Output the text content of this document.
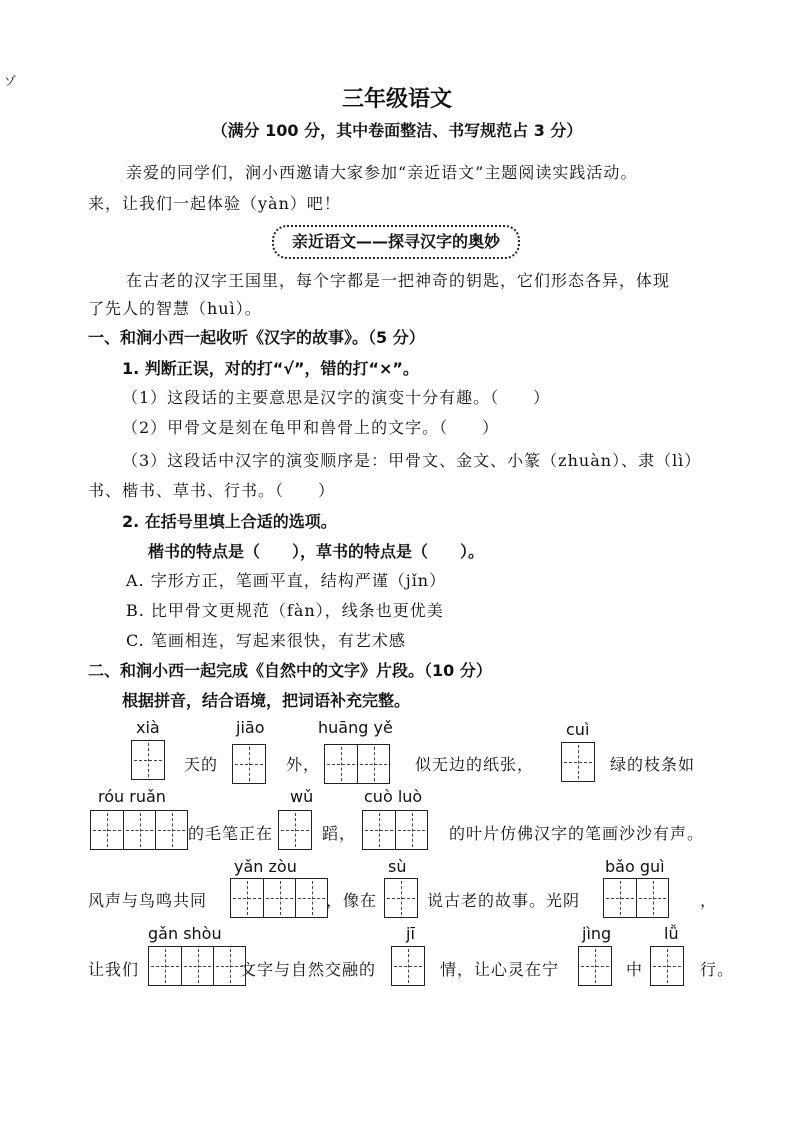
ゾ
三年级语文
（满分 100 分，其中卷面整洁、书写规范占 3 分）
亲爱的同学们，涧小西邀请大家参加“亲近语文”主题阅读实践活动。
来，让我们一起体验（yàn）吧！
亲近语文——探寻汉字的奥妙
在古老的汉字王国里，每个字都是一把神奇的钥匙，它们形态各异，体现
了先人的智慧（huì）。
一、和涧小西一起收听《汉字的故事》。（5 分）
1. 判断正误，对的打“√”，错的打“×”。
（1）这段话的主要意思是汉字的演变十分有趣。（　　）
（2）甲骨文是刻在龟甲和兽骨上的文字。（　　）
（3）这段话中汉字的演变顺序是：甲骨文、金文、小篆（zhuàn）、隶（lì）
书、楷书、草书、行书。（　　）
2. 在括号里填上合适的选项。
楷书的特点是（　　），草书的特点是（　　）。
A. 字形方正，笔画平直，结构严谨（jǐn）
B. 比甲骨文更规范（fàn），线条也更优美
C. 笔画相连，写起来很快，有艺术感
二、和涧小西一起完成《自然中的文字》片段。（10 分）
根据拼音，结合语境，把词语补充完整。
xià	jiāo	huāng yě	cuì
天的	外，	似无边的纸张，	绿的枝条如
róu ruǎn	wǔ	cuò luò
的毛笔正在	蹈，	的叶片仿佛汉字的笔画沙沙有声。
yǎn zòu	sù	bǎo guì
风声与鸟鸣共同	，像在	说古老的故事。光阴	，
gǎn shòu	jī	jìng	lǚ
让我们	文字与自然交融的	情，让心灵在宁	中	行。
